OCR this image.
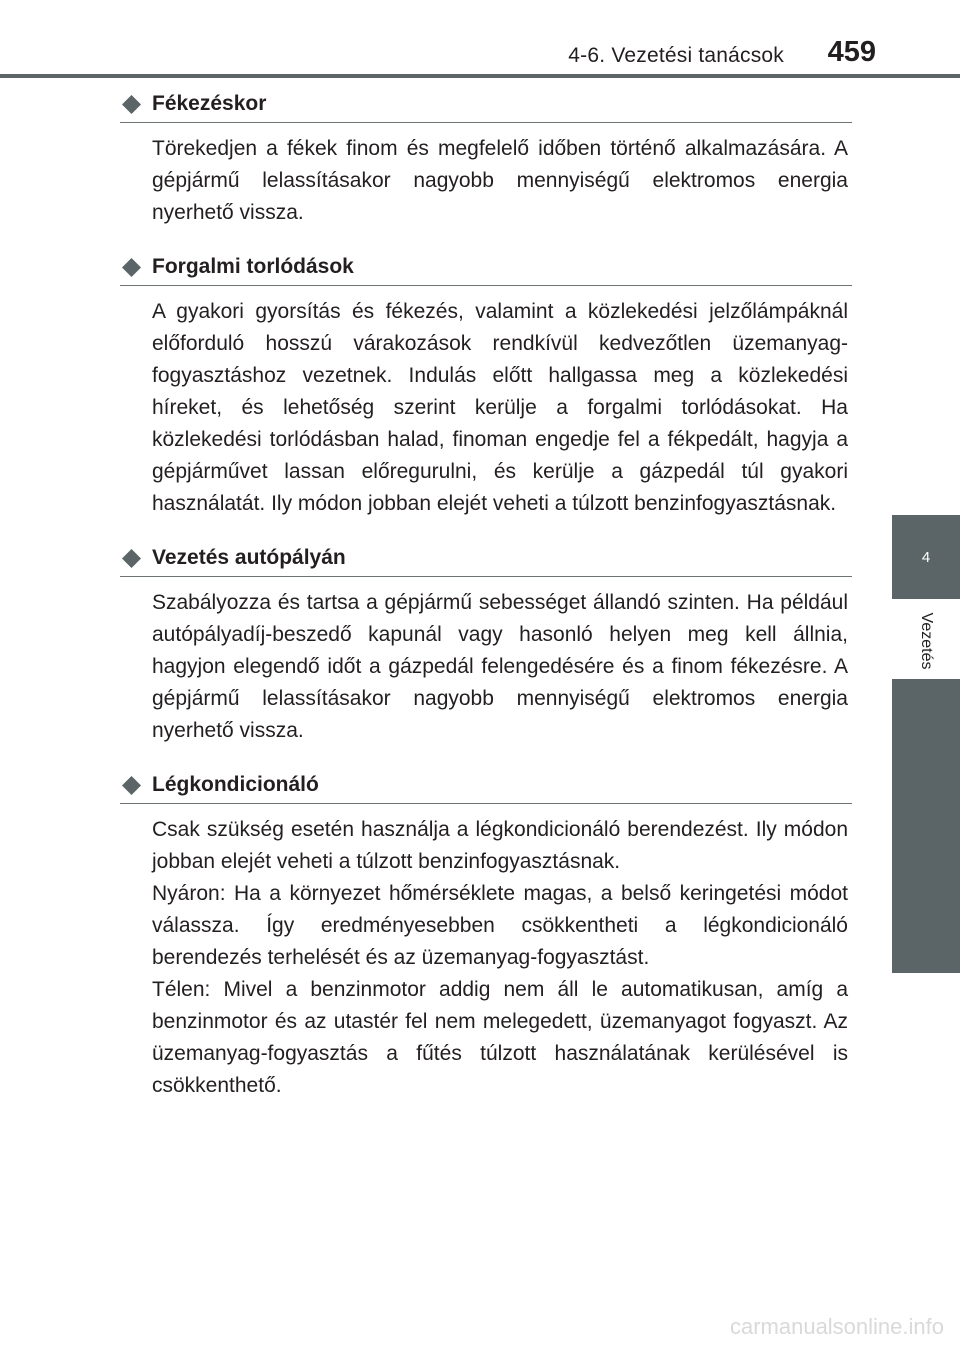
4-6. Vezetési tanácsok 459
4
Vezetés
Fékezéskor

Törekedjen a fékek finom és megfelelő időben történő alkalmazására. A gépjármű lelassításakor nagyobb mennyiségű elektromos energia nyerhető vissza.

Forgalmi torlódások

A gyakori gyorsítás és fékezés, valamint a közlekedési jelzőlámpáknál előforduló hosszú várakozások rendkívül kedvezőtlen üzemanyag-fogyasztáshoz vezetnek. Indulás előtt hallgassa meg a közlekedési híreket, és lehetőség szerint kerülje a forgalmi torlódásokat. Ha közlekedési torlódásban halad, finoman engedje fel a fékpedált, hagyja a gépjárművet lassan előregurulni, és kerülje a gázpedál túl gyakori használatát. Ily módon jobban elejét veheti a túlzott benzinfogyasztásnak.

Vezetés autópályán

Szabályozza és tartsa a gépjármű sebességet állandó szinten. Ha például autópályadíj-beszedő kapunál vagy hasonló helyen meg kell állnia, hagyjon elegendő időt a gázpedál felengedésére és a finom fékezésre. A gépjármű lelassításakor nagyobb mennyiségű elektromos energia nyerhető vissza.

Légkondicionáló

Csak szükség esetén használja a légkondicionáló berendezést. Ily módon jobban elejét veheti a túlzott benzinfogyasztásnak.

Nyáron: Ha a környezet hőmérséklete magas, a belső keringetési módot válassza. Így eredményesebben csökkentheti a légkondicionáló berendezés terhelését és az üzemanyag-fogyasztást.

Télen: Mivel a benzinmotor addig nem áll le automatikusan, amíg a benzinmotor és az utastér fel nem melegedett, üzemanyagot fogyaszt. Az üzemanyag-fogyasztás a fűtés túlzott használatának kerülésével is csökkenthető.

carmanualsonline.info
